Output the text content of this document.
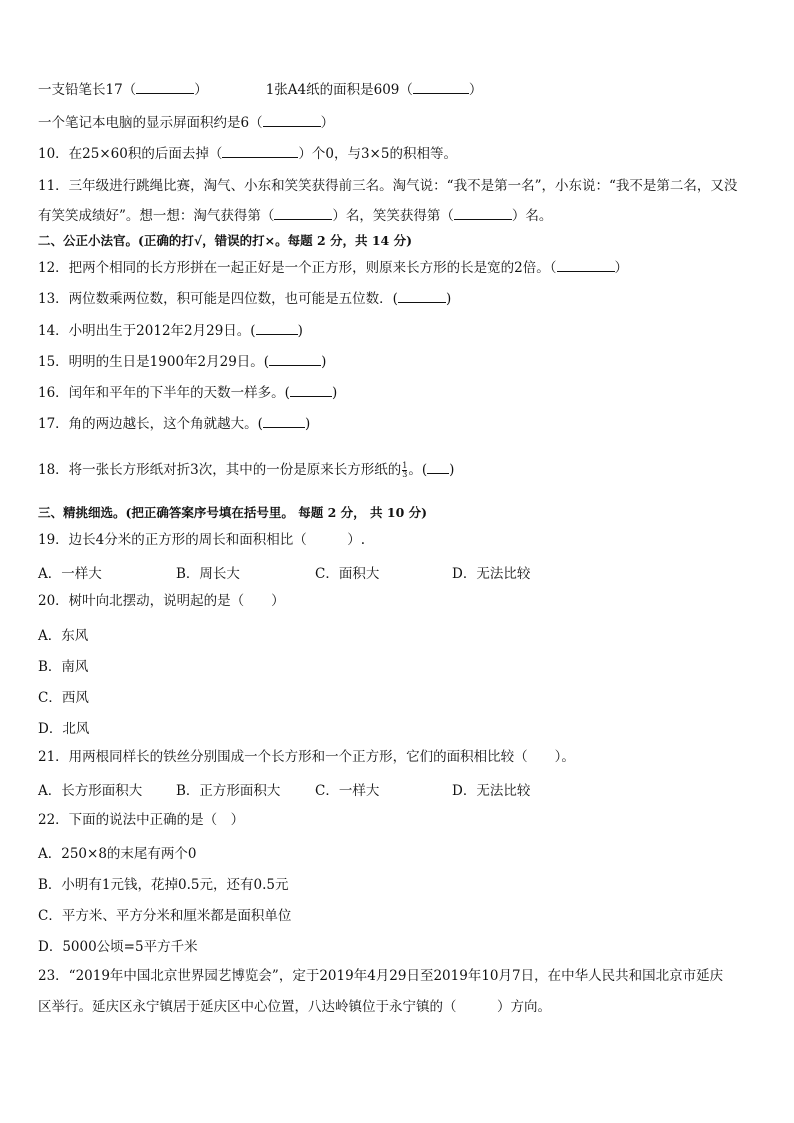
一支铅笔长17（	）	1张A4纸的面积是609（	）
一个笔记本电脑的显示屏面积约是6（	）
10．在25×60积的后面去掉（	）个0，与3×5的积相等。
11．三年级进行跳绳比赛，淘气、小东和笑笑获得前三名。淘气说：“我不是第一名”，小东说：“我不是第二名，又没
有笑笑成绩好”。想一想：淘气获得第（	）名，笑笑获得第（	）名。
二、公正小法官。(正确的打√，错误的打×。每题 2 分，共 14 分)
12．把两个相同的长方形拼在一起正好是一个正方形，则原来长方形的长是宽的2倍。（	）
13．两位数乘两位数，积可能是四位数，也可能是五位数．(	)
14．小明出生于2012年2月29日。(	)
15．明明的生日是1900年2月29日。(	)
16．闰年和平年的下半年的天数一样多。(	)
17．角的两边越长，这个角就越大。(	)
18．将一张长方形纸对折3次，其中的一份是原来长方形纸的 $\frac{1}{3}$ 。( )
三、精挑细选。(把正确答案序号填在括号里。 每题 2 分， 共 10 分)
19．边长4分米的正方形的周长和面积相比（　　　）.
A．一样大	B．周长大	C．面积大	D．无法比较
20．树叶向北摆动，说明起的是（　　）
A．东风
B．南风
C．西风
D．北风
21．用两根同样长的铁丝分别围成一个长方形和一个正方形，它们的面积相比较（　　）。
A．长方形面积大	B．正方形面积大	C．一样大	D．无法比较
22．下面的说法中正确的是（　）
A．250×8的末尾有两个0
B．小明有1元钱，花掉0.5元，还有0.5元
C．平方米、平方分米和厘米都是面积单位
D．5000公顷=5平方千米
23．“2019年中国北京世界园艺博览会”，定于2019年4月29日至2019年10月7日，在中华人民共和国北京市延庆
区举行。延庆区永宁镇居于延庆区中心位置，八达岭镇位于永宁镇的（　　　）方向。
